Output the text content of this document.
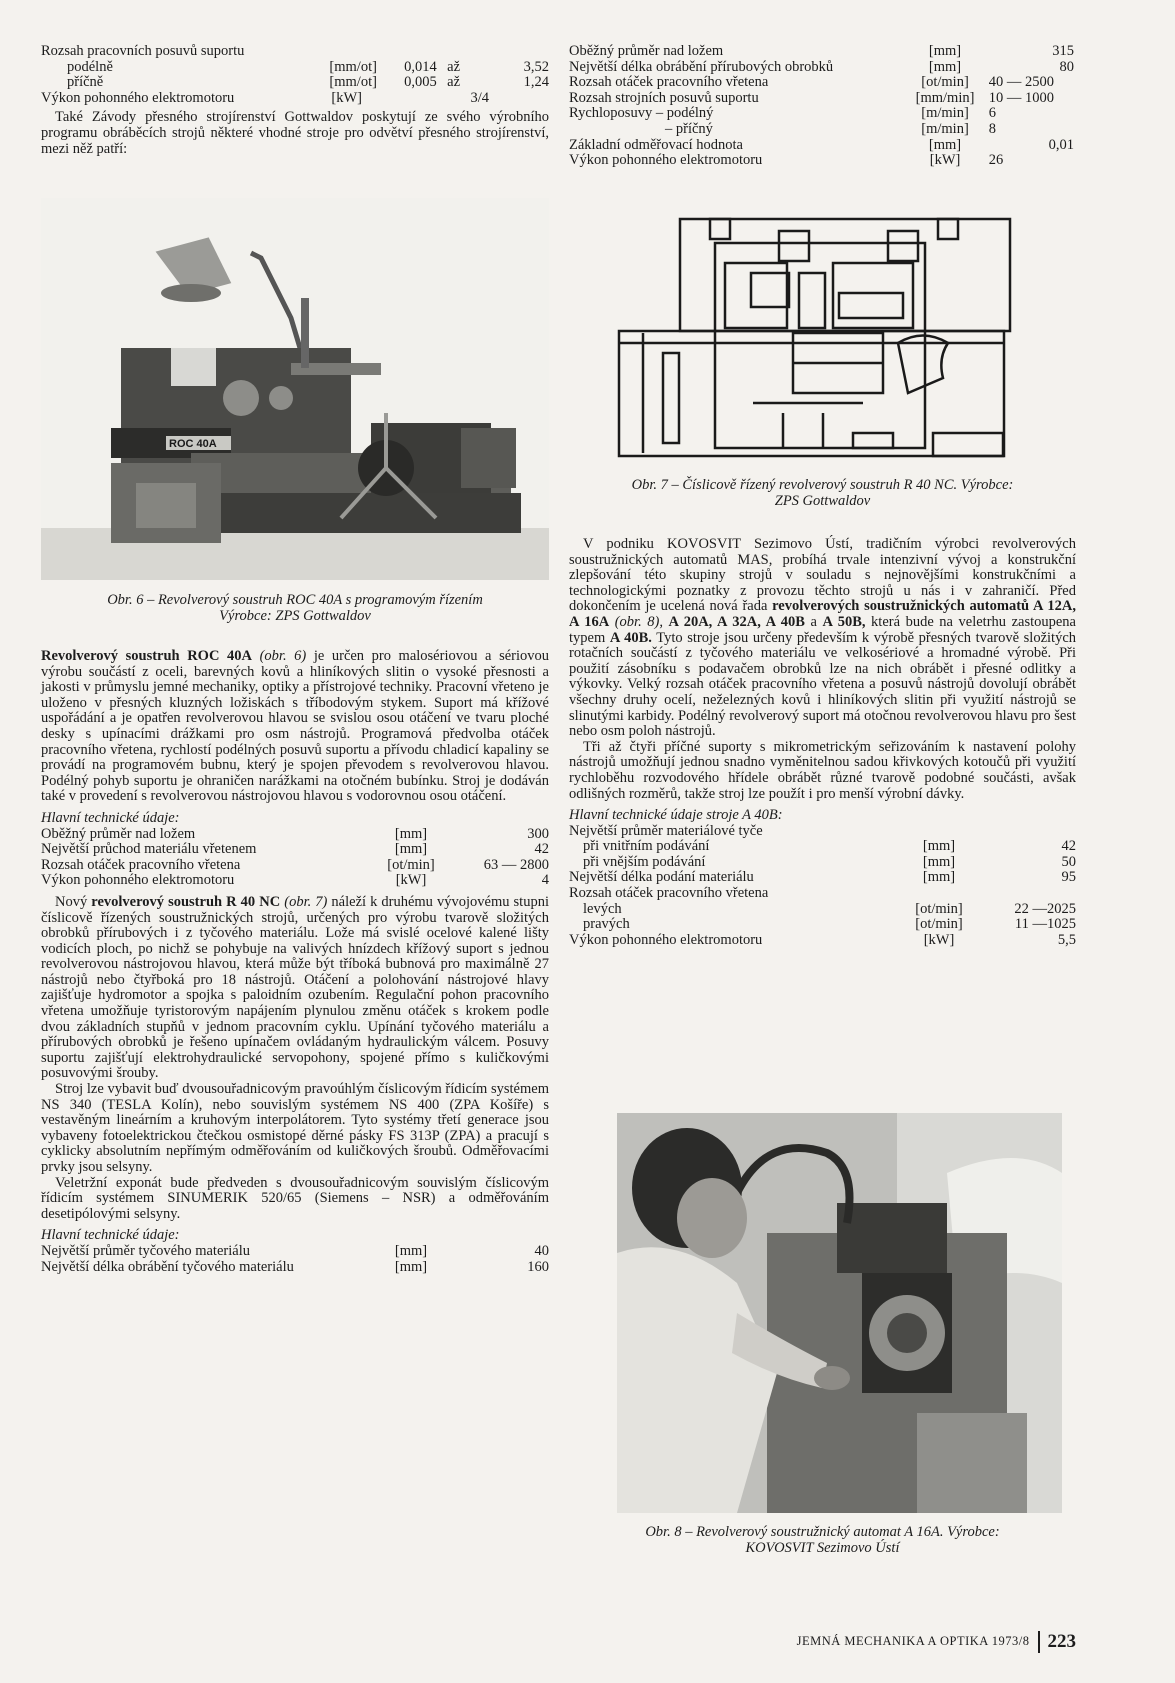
Rozsah pracovních posuvů suportu
podélně	[mm/ot]	0,014	až	3,52
příčně	[mm/ot]	0,005	až	1,24
Výkon pohonného elektromotoru	[kW]			3/4

Také Závody přesného strojírenství Gottwaldov poskytují ze svého výrobního programu obráběcích strojů některé vhodné stroje pro odvětví přesného strojírenství, mezi něž patří:

Oběžný průměr nad ložem	[mm]	315
Největší délka obrábění přírubových obrobků	[mm]	80
Rozsah otáček pracovního vřetena	[ot/min]	40 — 2500
Rozsah strojních posuvů suportu	[mm/min]	10 — 1000
Rychloposuvy – podélný	[m/min]	6
– příčný	[m/min]	8
Základní odměřovací hodnota	[mm]	0,01
Výkon pohonného elektromotoru	[kW]	26
ROC 40A
Obr. 6 – Revolverový soustruh ROC 40A s programovým řízením
Výrobce: ZPS Gottwaldov
Obr. 7 – Číslicově řízený revolverový soustruh R 40 NC. Výrobce:
ZPS Gottwaldov

Revolverový soustruh ROC 40A (obr. 6) je určen pro malosériovou a sériovou výrobu součástí z oceli, barevných kovů a hliníkových slitin o vysoké přesnosti a jakosti v průmyslu jemné mechaniky, optiky a přístrojové techniky. Pracovní vřeteno je uloženo v přesných kluzných ložiskách s tříbodovým stykem. Suport má křížové uspořádání a je opatřen revolverovou hlavou se svislou osou otáčení ve tvaru ploché desky s upínacími drážkami pro osm nástrojů. Programová předvolba otáček pracovního vřetena, rychlostí podélných posuvů suportu a přívodu chladicí kapaliny se provádí na programovém bubnu, který je spojen převodem s revolverovou hlavou. Podélný pohyb suportu je ohraničen narážkami na otočném bubínku. Stroj je dodáván také v provedení s revolverovou nástrojovou hlavou s vodorovnou osou otáčení.

Hlavní technické údaje:

Oběžný průměr nad ložem	[mm]	300
Největší průchod materiálu vřetenem	[mm]	42
Rozsah otáček pracovního vřetena	[ot/min]	63 — 2800
Výkon pohonného elektromotoru	[kW]	4

Nový revolverový soustruh R 40 NC (obr. 7) náleží k druhému vývojovému stupni číslicově řízených soustružnických strojů, určených pro výrobu tvarově složitých obrobků přírubových i z tyčového materiálu. Lože má svislé ocelové kalené lišty vodicích ploch, po nichž se pohybuje na valivých hnízdech křížový suport s jednou revolverovou nástrojovou hlavou, která může být tříboká bubnová pro maximálně 27 nástrojů nebo čtyřboká pro 18 nástrojů. Otáčení a polohování nástrojové hlavy zajišťuje hydromotor a spojka s paloidním ozubením. Regulační pohon pracovního vřetena umožňuje tyristorovým napájením plynulou změnu otáček s krokem podle dvou základních stupňů v jednom pracovním cyklu. Upínání tyčového materiálu a přírubových obrobků je řešeno upínačem ovládaným hydraulickým válcem. Posuvy suportu zajišťují elektrohydraulické servopohony, spojené přímo s kuličkovými posuvovými šrouby.

Stroj lze vybavit buď dvousouřadnicovým pravoúhlým číslicovým řídicím systémem NS 340 (TESLA Kolín), nebo souvislým systémem NS 400 (ZPA Košíře) s vestavěným lineárním a kruhovým interpolátorem. Tyto systémy třetí generace jsou vybaveny fotoelektrickou čtečkou osmistopé děrné pásky FS 313P (ZPA) a pracují s cyklicky absolutním nepřímým odměřováním od kuličkových šroubů. Odměřovacími prvky jsou selsyny.

Veletržní exponát bude předveden s dvousouřadnicovým souvislým číslicovým řídicím systémem SINUMERIK 520/65 (Siemens – NSR) a odměřováním desetipólovými selsyny.

Hlavní technické údaje:

Největší průměr tyčového materiálu	[mm]	40
Největší délka obrábění tyčového materiálu	[mm]	160

V podniku KOVOSVIT Sezimovo Ústí, tradičním výrobci revolverových soustružnických automatů MAS, probíhá trvale intenzivní vývoj a konstrukční zlepšování této skupiny strojů v souladu s nejnovějšími konstrukčními a technologickými poznatky z provozu těchto strojů u nás i v zahraničí. Před dokončením je ucelená nová řada revolverových soustružnických automatů A 12A, A 16A (obr. 8), A 20A, A 32A, A 40B a A 50B, která bude na veletrhu zastoupena typem A 40B. Tyto stroje jsou určeny především k výrobě přesných tvarově složitých rotačních součástí z tyčového materiálu ve velkosériové a hromadné výrobě. Při použití zásobníku s podavačem obrobků lze na nich obrábět i přesné odlitky a výkovky. Velký rozsah otáček pracovního vřetena a posuvů nástrojů dovolují obrábět všechny druhy ocelí, neželezných kovů i hliníkových slitin při využití nástrojů se slinutými karbidy. Podélný revolverový suport má otočnou revolverovou hlavu pro šest nebo osm poloh nástrojů.

Tři až čtyři příčné suporty s mikrometrickým seřizováním k nastavení polohy nástrojů umožňují jednou snadno vyměnitelnou sadou křivkových kotoučů při využití rychloběhu rozvodového hřídele obrábět různé tvarově podobné součásti, avšak odlišných rozměrů, takže stroj lze použít i pro menší výrobní dávky.

Hlavní technické údaje stroje A 40B:

Největší průměr materiálové tyče		
při vnitřním podávání	[mm]	42
při vnějším podávání	[mm]	50
Největší délka podání materiálu	[mm]	95
Rozsah otáček pracovního vřetena		
levých	[ot/min]	22 —2025
pravých	[ot/min]	11 —1025
Výkon pohonného elektromotoru	[kW]	5,5
Obr. 8 – Revolverový soustružnický automat A 16A. Výrobce:
KOVOSVIT Sezimovo Ústí
JEMNÁ MECHANIKA A OPTIKA 1973/8 223
